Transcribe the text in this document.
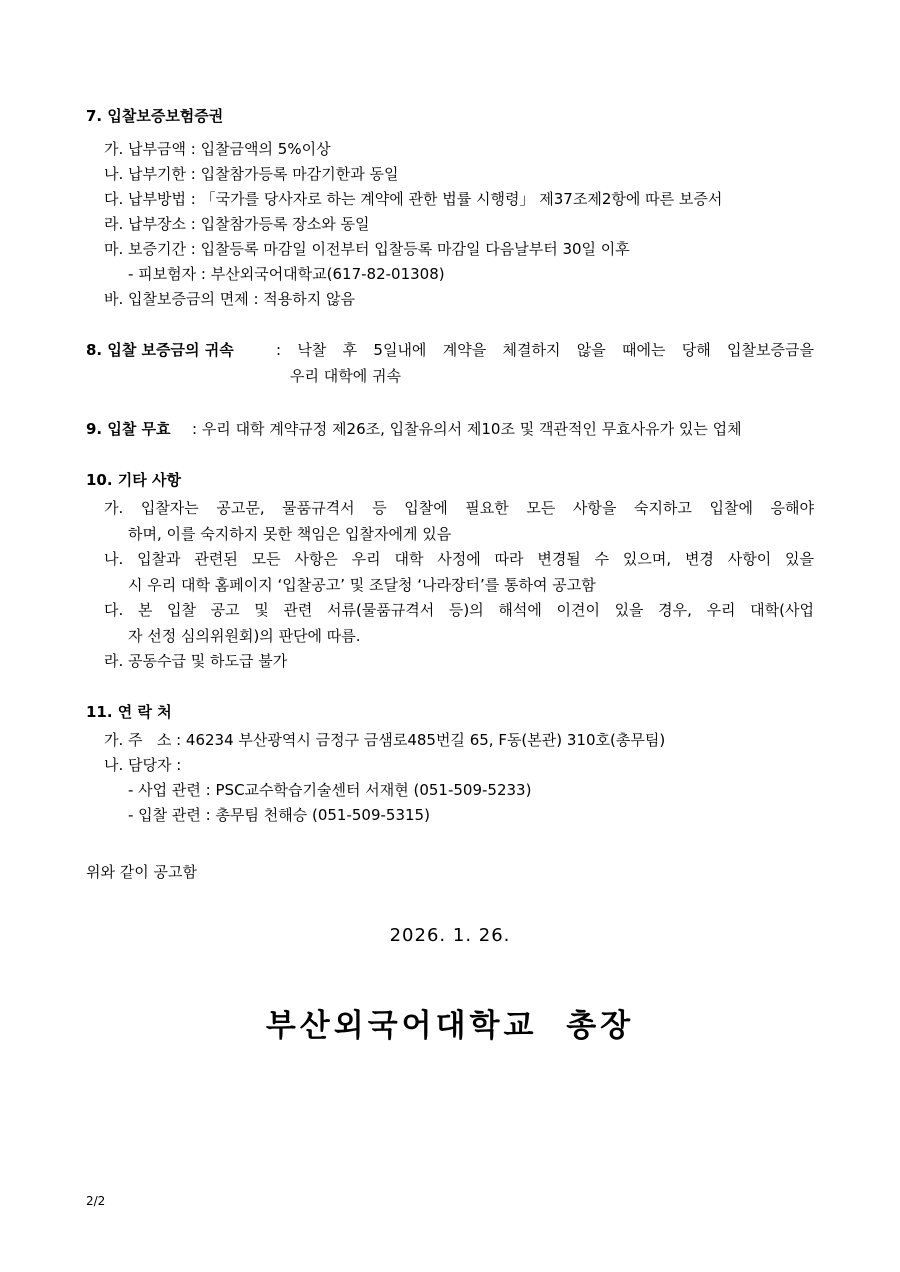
7. 입찰보증보험증권
가. 납부금액 : 입찰금액의 5%이상
나. 납부기한 : 입찰참가등록 마감기한과 동일
다. 납부방법 : 「국가를 당사자로 하는 계약에 관한 법률 시행령」 제37조제2항에 따른 보증서
라. 납부장소 : 입찰참가등록 장소와 동일
마. 보증기간 : 입찰등록 마감일 이전부터 입찰등록 마감일 다음날부터 30일 이후
- 피보험자 : 부산외국어대학교(617-82-01308)
바. 입찰보증금의 면제 : 적용하지 않음
8. 입찰 보증금의 귀속	: 낙찰 후 5일내에 계약을 체결하지 않을 때에는 당해 입찰보증금을
우리 대학에 귀속
9. 입찰 무효 : 우리 대학 계약규정 제26조, 입찰유의서 제10조 및 객관적인 무효사유가 있는 업체
10. 기타 사항
가. 입찰자는 공고문, 물품규격서 등 입찰에 필요한 모든 사항을 숙지하고 입찰에 응해야
하며, 이를 숙지하지 못한 책임은 입찰자에게 있음
나. 입찰과 관련된 모든 사항은 우리 대학 사정에 따라 변경될 수 있으며, 변경 사항이 있을
시 우리 대학 홈페이지 ‘입찰공고’ 및 조달청 ‘나라장터’를 통하여 공고함
다. 본 입찰 공고 및 관련 서류(물품규격서 등)의 해석에 이견이 있을 경우, 우리 대학(사업
자 선정 심의위원회)의 판단에 따름.
라. 공동수급 및 하도급 불가
11. 연 락 처
가. 주   소 : 46234 부산광역시 금정구 금샘로485번길 65, F동(본관) 310호(총무팀)
나. 담당자 :
- 사업 관련 : PSC교수학습기술센터 서재현 (051-509-5233)
- 입찰 관련 : 총무팀 천해승 (051-509-5315)
위와 같이 공고함
2026. 1. 26.
부산외국어대학교 총장
2/2
